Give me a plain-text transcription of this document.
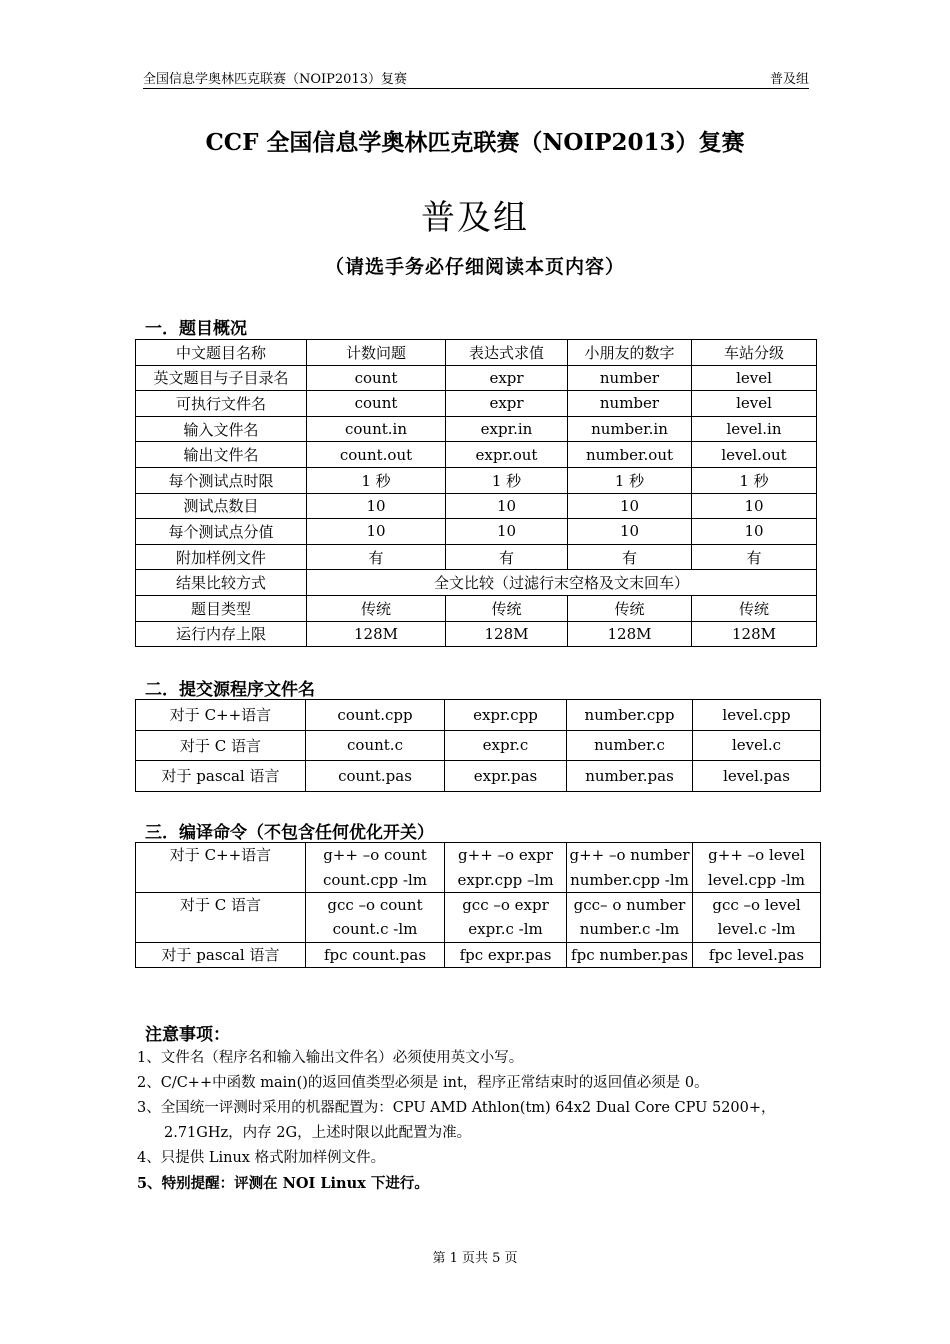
全国信息学奥林匹克联赛（NOIP2013）复赛	普及组
CCF 全国信息学奥林匹克联赛（NOIP2013）复赛
普及组
（请选手务必仔细阅读本页内容）
一．题目概况
中文题目名称	计数问题	表达式求值	小朋友的数字	车站分级
英文题目与子目录名	count	expr	number	level
可执行文件名	count	expr	number	level
输入文件名	count.in	expr.in	number.in	level.in
输出文件名	count.out	expr.out	number.out	level.out
每个测试点时限	1 秒	1 秒	1 秒	1 秒
测试点数目	10	10	10	10
每个测试点分值	10	10	10	10
附加样例文件	有	有	有	有
结果比较方式	全文比较（过滤行末空格及文末回车）			
题目类型	传统	传统	传统	传统
运行内存上限	128M	128M	128M	128M
二．提交源程序文件名
对于 C++语言	count.cpp	expr.cpp	number.cpp	level.cpp
对于 C 语言	count.c	expr.c	number.c	level.c
对于 pascal 语言	count.pas	expr.pas	number.pas	level.pas
三．编译命令（不包含任何优化开关）
对于 C++语言	g++ –o count	g++ –o expr	g++ –o number	g++ –o level
	count.cpp -lm	expr.cpp –lm	number.cpp -lm	level.cpp -lm
对于 C 语言	gcc –o count	gcc –o expr	gcc– o number	gcc –o level
	count.c -lm	expr.c -lm	number.c -lm	level.c -lm
对于 pascal 语言	fpc count.pas	fpc expr.pas	fpc number.pas	fpc level.pas
注意事项：
1、文件名（程序名和输入输出文件名）必须使用英文小写。
2、C/C++中函数 main()的返回值类型必须是 int，程序正常结束时的返回值必须是 0。
3、全国统一评测时采用的机器配置为：CPU AMD Athlon(tm) 64x2 Dual Core CPU 5200+，
2.71GHz，内存 2G，上述时限以此配置为准。
4、只提供 Linux 格式附加样例文件。
5、特别提醒：评测在 NOI Linux 下进行。
第 1 页共 5 页
